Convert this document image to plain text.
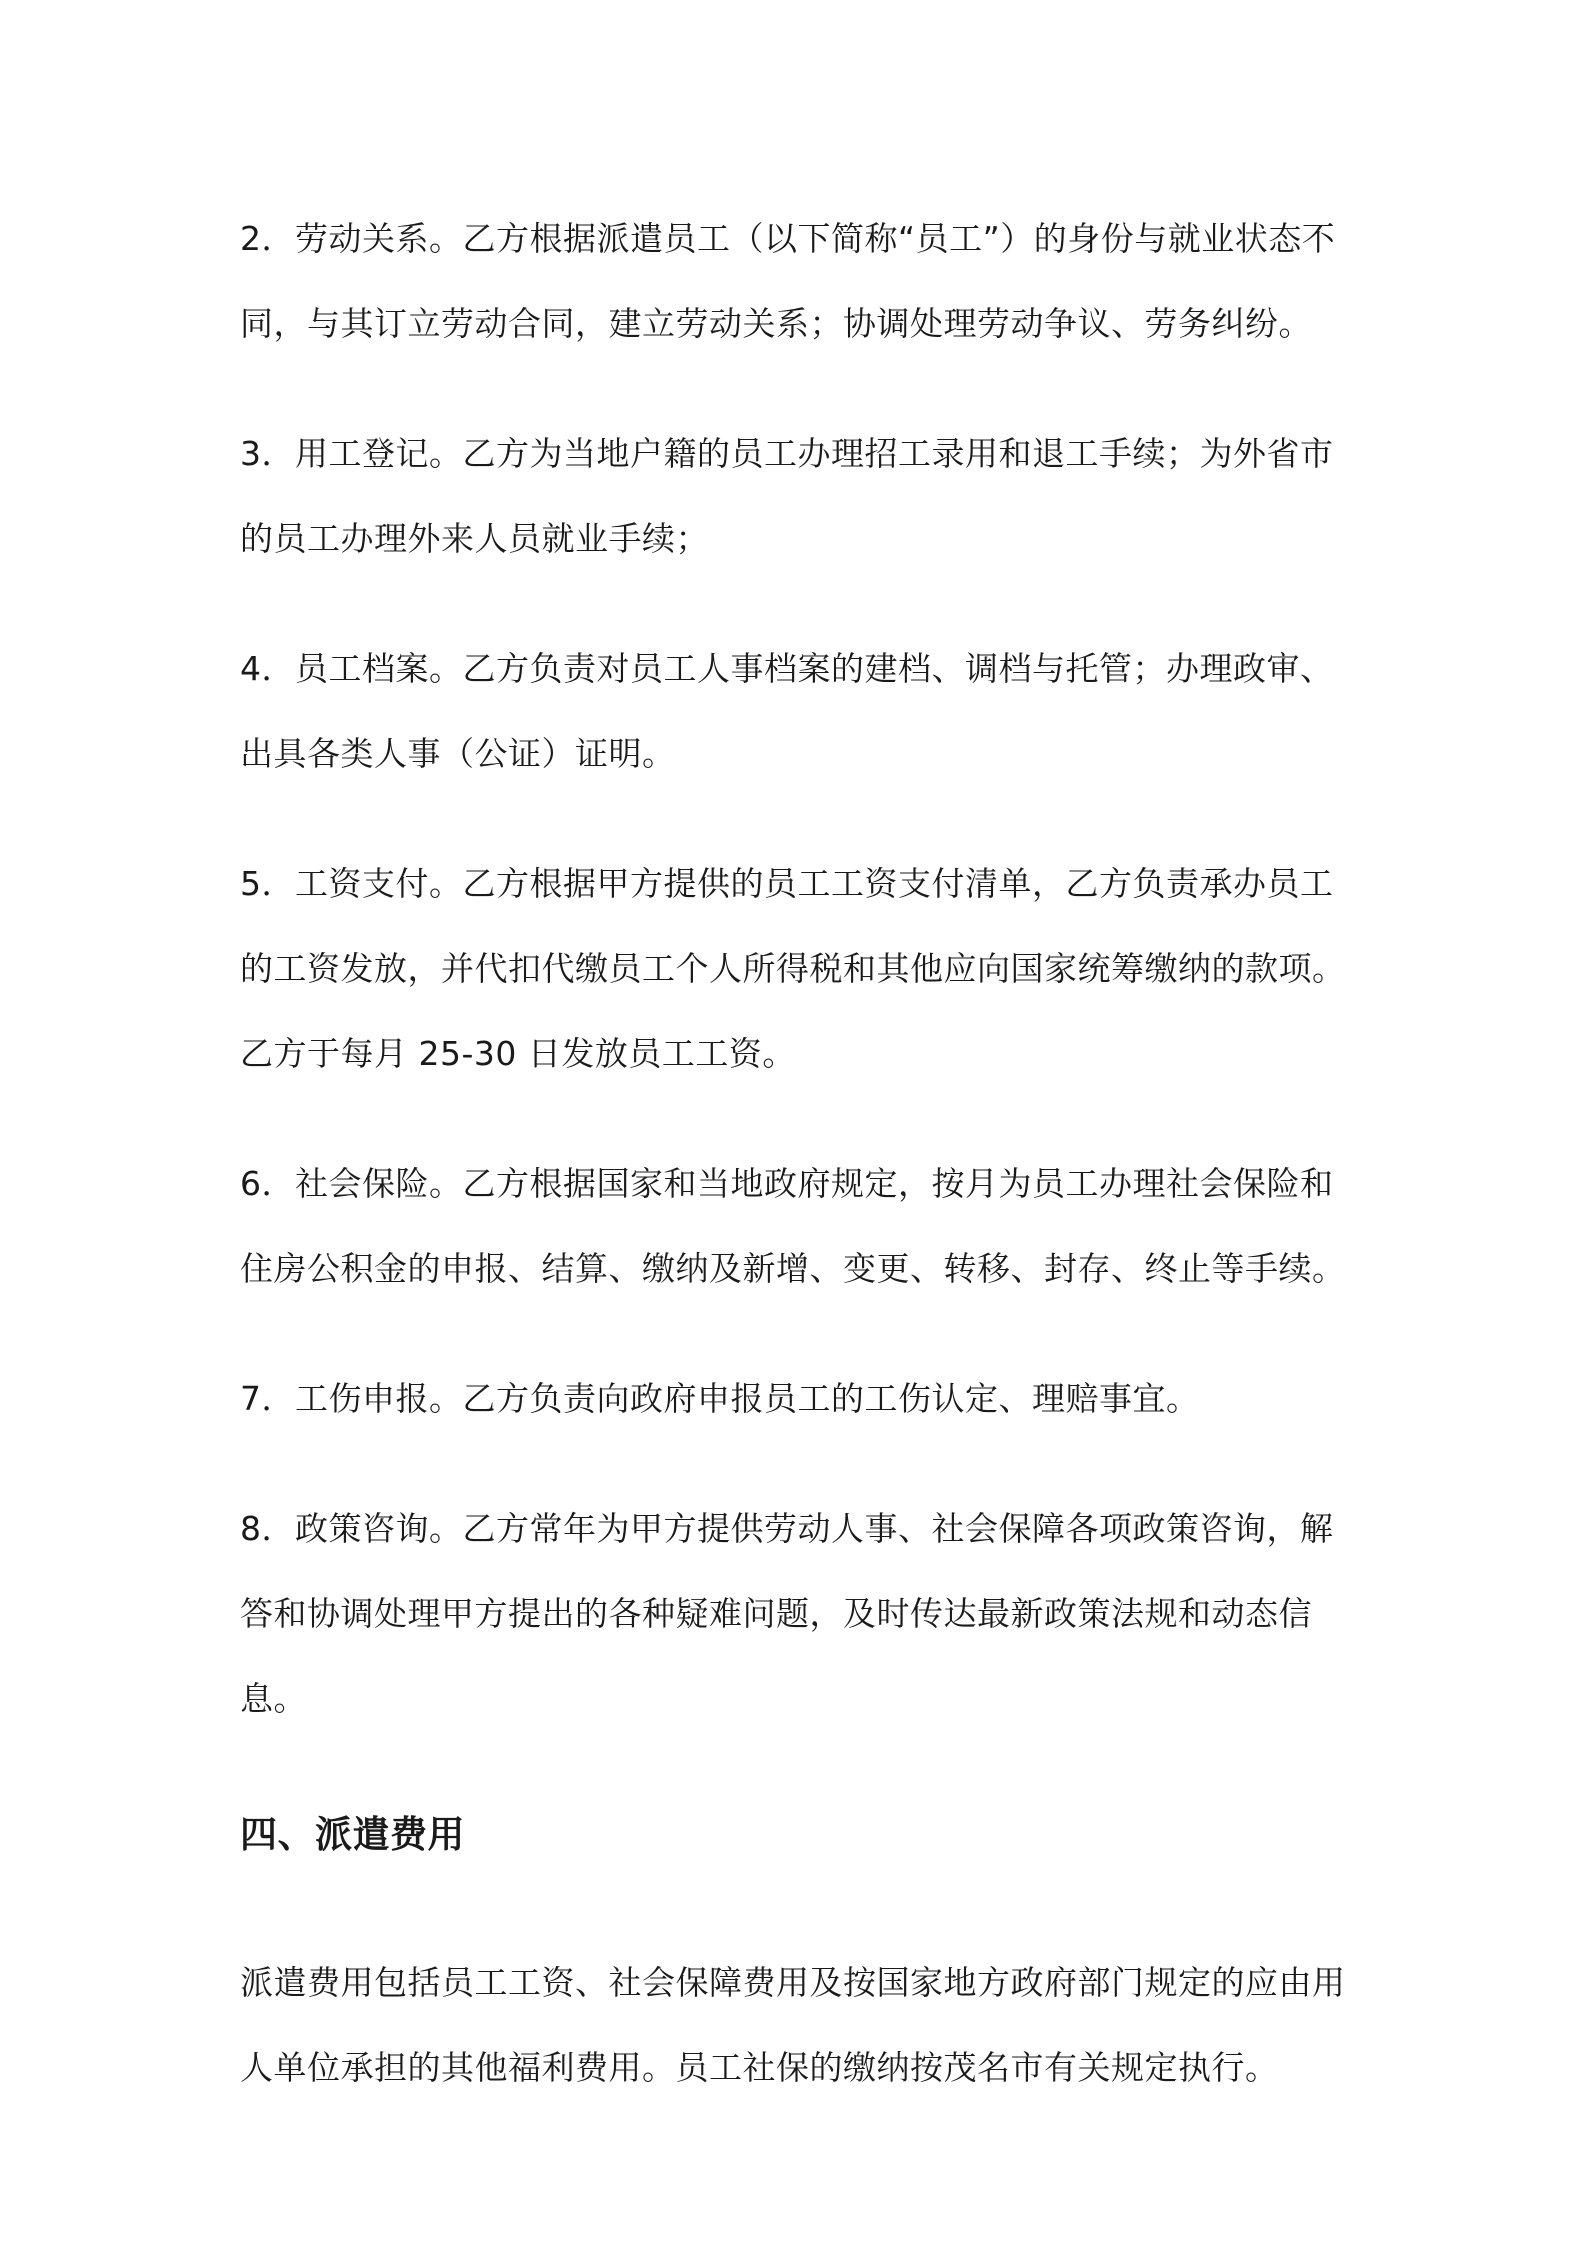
2．劳动关系。乙方根据派遣员工（以下简称“员工”）的身份与就业状态不同，与其订立劳动合同，建立劳动关系；协调处理劳动争议、劳务纠纷。

3．用工登记。乙方为当地户籍的员工办理招工录用和退工手续；为外省市的员工办理外来人员就业手续；

4．员工档案。乙方负责对员工人事档案的建档、调档与托管；办理政审、出具各类人事（公证）证明。

5．工资支付。乙方根据甲方提供的员工工资支付清单，乙方负责承办员工的工资发放，并代扣代缴员工个人所得税和其他应向国家统筹缴纳的款项。乙方于每月 25-30 日发放员工工资。

6．社会保险。乙方根据国家和当地政府规定，按月为员工办理社会保险和住房公积金的申报、结算、缴纳及新增、变更、转移、封存、终止等手续。

7．工伤申报。乙方负责向政府申报员工的工伤认定、理赔事宜。

8．政策咨询。乙方常年为甲方提供劳动人事、社会保障各项政策咨询，解答和协调处理甲方提出的各种疑难问题，及时传达最新政策法规和动态信息。

四、派遣费用

派遣费用包括员工工资、社会保障费用及按国家地方政府部门规定的应由用人单位承担的其他福利费用。员工社保的缴纳按茂名市有关规定执行。
